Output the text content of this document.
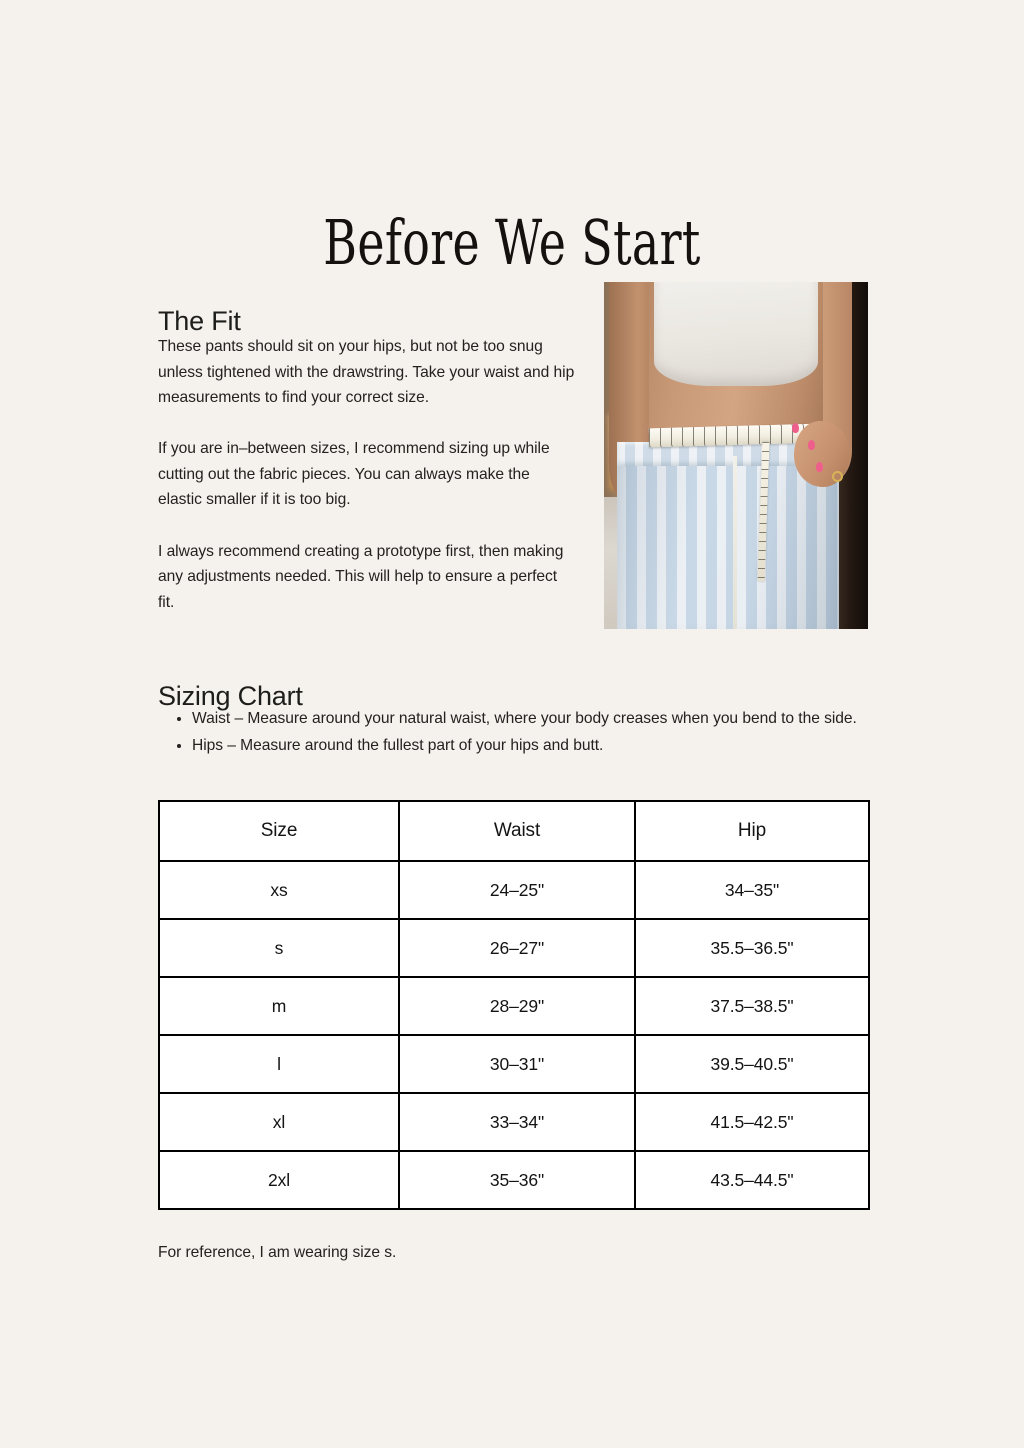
Before We Start
The Fit

These pants should sit on your hips, but not be too snug unless tightened with the drawstring. Take your waist and hip measurements to find your correct size.

If you are in–between sizes, I recommend sizing up while cutting out the fabric pieces. You can always make the elastic smaller if it is too big.

I always recommend creating a prototype first, then making any adjustments needed. This will help to ensure a perfect fit.

Sizing Chart
Waist – Measure around your natural waist, where your body creases when you bend to the side.
Hips – Measure around the fullest part of your hips and butt.
Size	Waist	Hip
xs	24–25"	34–35"
s	26–27"	35.5–36.5"
m	28–29"	37.5–38.5"
l	30–31"	39.5–40.5"
xl	33–34"	41.5–42.5"
2xl	35–36"	43.5–44.5"
For reference, I am wearing size s.
